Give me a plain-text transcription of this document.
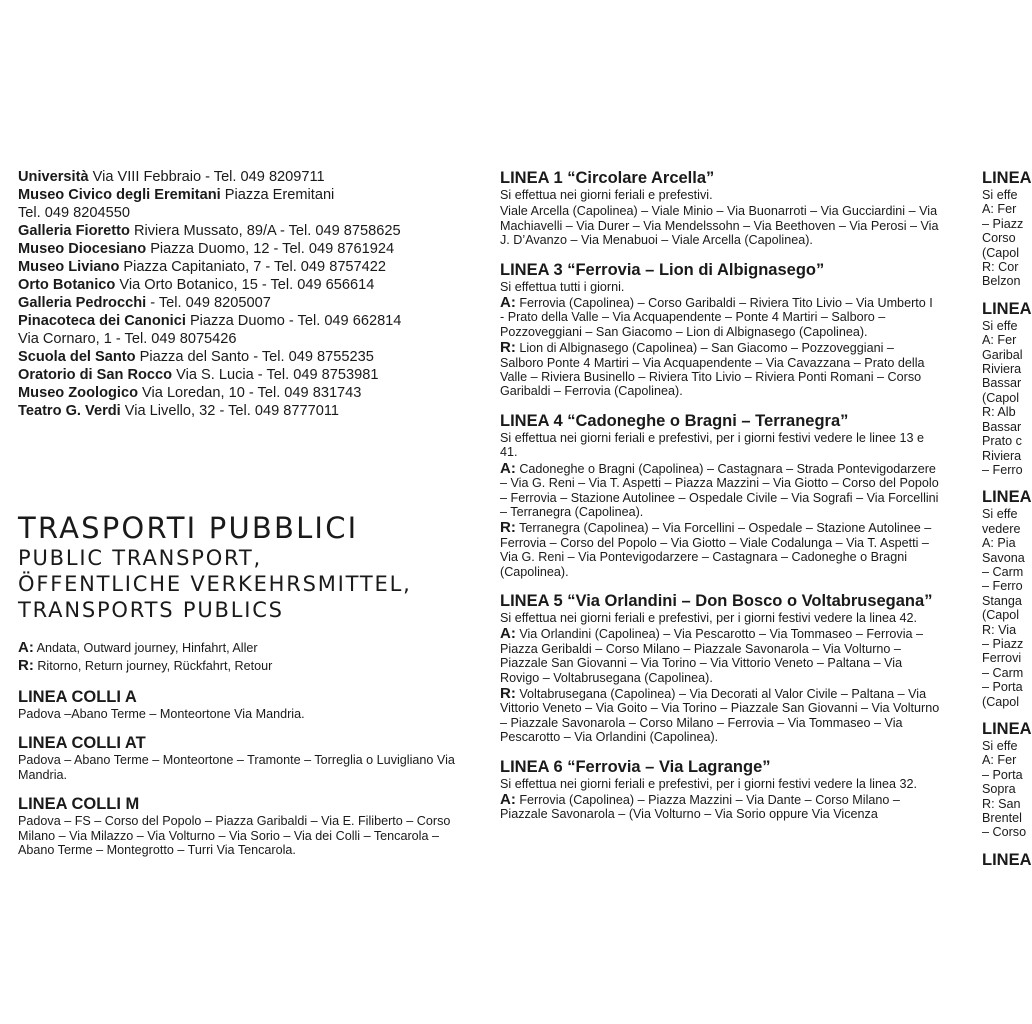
Università Via VIII Febbraio - Tel. 049 8209711
Museo Civico degli Eremitani Piazza Eremitani
Tel. 049 8204550
Galleria Fioretto Riviera Mussato, 89/A - Tel. 049 8758625
Museo Diocesiano Piazza Duomo, 12 - Tel. 049 8761924
Museo Liviano Piazza Capitaniato, 7 - Tel. 049 8757422
Orto Botanico Via Orto Botanico, 15 - Tel. 049 656614
Galleria Pedrocchi - Tel. 049 8205007
Pinacoteca dei Canonici Piazza Duomo - Tel. 049 662814
Via Cornaro, 1 - Tel. 049 8075426
Scuola del Santo Piazza del Santo - Tel. 049 8755235
Oratorio di San Rocco Via S. Lucia - Tel. 049 8753981
Museo Zoologico Via Loredan, 10 - Tel. 049 831743
Teatro G. Verdi Via Livello, 32 - Tel. 049 8777011
TRASPORTI PUBBLICI
PUBLIC TRANSPORT,
ÖFFENTLICHE VERKEHRSMITTEL,
TRANSPORTS PUBLICS
A: Andata, Outward journey, Hinfahrt, Aller
R: Ritorno, Return journey, Rückfahrt, Retour
LINEA COLLI A
Padova –Abano Terme – Monteortone Via Mandria.
LINEA COLLI AT
Padova – Abano Terme – Monteortone – Tramonte – Torreglia o Luvigliano Via Mandria.
LINEA COLLI M
Padova – FS – Corso del Popolo – Piazza Garibaldi – Via E. Filiberto – Corso Milano – Via Milazzo – Via Volturno – Via Sorio – Via dei Colli – Tencarola – Abano Terme – Montegrotto – Turri Via Tencarola.
LINEA 1 “Circolare Arcella”
Si effettua nei giorni feriali e prefestivi.
Viale Arcella (Capolinea) – Viale Minio – Via Buonarroti – Via Gucciardini – Via Machiavelli – Via Durer – Via Mendelssohn – Via Beethoven – Via Perosi – Via J. D’Avanzo – Via Menabuoi – Viale Arcella (Capolinea).
LINEA 3 “Ferrovia – Lion di Albignasego”
Si effettua tutti i giorni.
A: Ferrovia (Capolinea) – Corso Garibaldi – Riviera Tito Livio – Via Umberto I - Prato della Valle – Via Acquapendente – Ponte 4 Martiri – Salboro – Pozzoveggiani – San Giacomo – Lion di Albignasego (Capolinea).
R: Lion di Albignasego (Capolinea) – San Giacomo – Pozzoveggiani – Salboro Ponte 4 Martiri – Via Acquapendente – Via Cavazzana – Prato della Valle – Riviera Businello – Riviera Tito Livio – Riviera Ponti Romani – Corso Garibaldi – Ferrovia (Capolinea).
LINEA 4 “Cadoneghe o Bragni – Terranegra”
Si effettua nei giorni feriali e prefestivi, per i giorni festivi vedere le linee 13 e 41.
A: Cadoneghe o Bragni (Capolinea) – Castagnara – Strada Pontevigodarzere – Via G. Reni – Via T. Aspetti – Piazza Mazzini – Via Giotto – Corso del Popolo – Ferrovia – Stazione Autolinee – Ospedale Civile – Via Sografi – Via Forcellini – Terranegra (Capolinea).
R: Terranegra (Capolinea) – Via Forcellini – Ospedale – Stazione Autolinee – Ferrovia – Corso del Popolo – Via Giotto – Viale Codalunga – Via T. Aspetti – Via G. Reni – Via Pontevigodarzere – Castagnara – Cadoneghe o Bragni (Capolinea).
LINEA 5 “Via Orlandini – Don Bosco o Voltabrusegana”
Si effettua nei giorni feriali e prefestivi, per i giorni festivi vedere la linea 42.
A: Via Orlandini (Capolinea) – Via Pescarotto – Via Tommaseo – Ferrovia – Piazza Geribaldi – Corso Milano – Piazzale Savonarola – Via Volturno – Piazzale San Giovanni – Via Torino – Via Vittorio Veneto – Paltana – Via Rovigo – Voltabrusegana (Capolinea).
R: Voltabrusegana (Capolinea) – Via Decorati al Valor Civile – Paltana – Via Vittorio Veneto – Via Goito – Via Torino – Piazzale San Giovanni – Via Volturno – Piazzale Savonarola – Corso Milano – Ferrovia – Via Tommaseo – Via Pescarotto – Via Orlandini (Capolinea).
LINEA 6 “Ferrovia – Via Lagrange”
Si effettua nei giorni feriali e prefestivi, per i giorni festivi vedere la linea 32.
A: Ferrovia (Capolinea) – Piazza Mazzini – Via Dante – Corso Milano – Piazzale Savonarola – (Via Volturno – Via Sorio oppure Via Vicenza
LINEA
Si effe
A: Fer
– Piazz
Corso
(Capol
R: Cor
Belzon
LINEA
Si effe
A: Fer
Garibal
Riviera
Bassar
(Capol
R: Alb
Bassar
Prato c
Riviera
– Ferro
LINEA
Si effe
vedere
A: Pia
Savona
– Carm
– Ferro
Stanga
(Capol
R: Via
– Piazz
Ferrovi
– Carm
– Porta
(Capol
LINEA
Si effe
A: Fer
– Porta
Sopra
R: San
Brentel
– Corso
LINEA
